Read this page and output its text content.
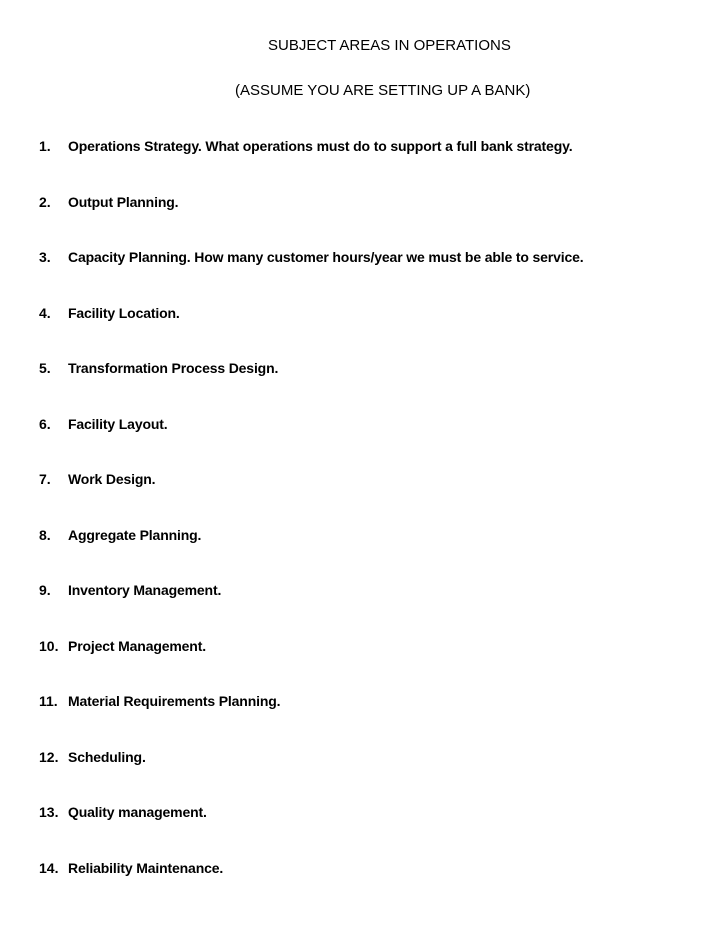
SUBJECT AREAS IN OPERATIONS
(ASSUME YOU ARE SETTING UP A BANK)
1. Operations Strategy. What operations must do to support a full bank strategy.
2. Output Planning.
3. Capacity Planning. How many customer hours/year we must be able to service.
4. Facility Location.
5. Transformation Process Design.
6. Facility Layout.
7. Work Design.
8. Aggregate Planning.
9. Inventory Management.
10. Project Management.
11. Material Requirements Planning.
12. Scheduling.
13. Quality management.
14. Reliability Maintenance.
